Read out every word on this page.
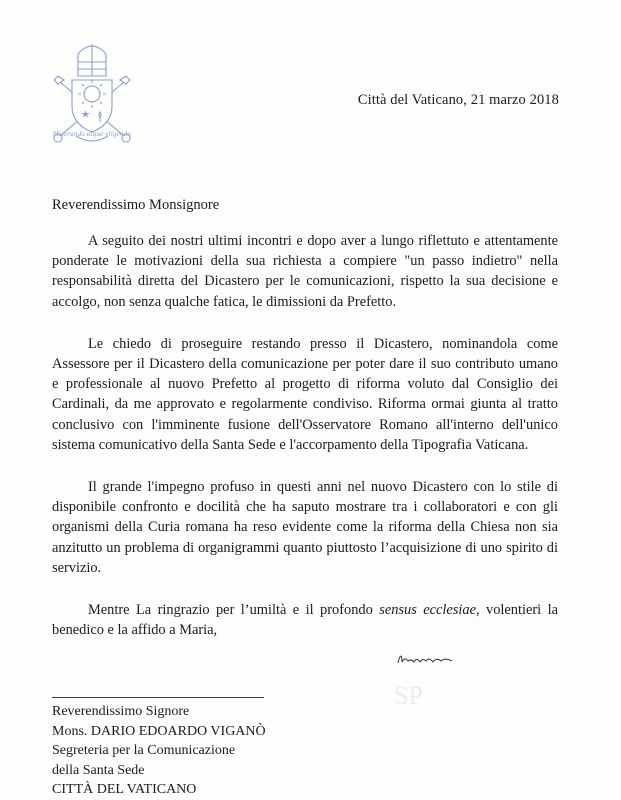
Miserando atque eligendo
Città del Vaticano, 21 marzo 2018
Reverendissimo Monsignore

A seguito dei nostri ultimi incontri e dopo aver a lungo riflettuto e attentamente ponderate le motivazioni della sua richiesta a compiere "un passo indietro" nella responsabilità diretta del Dicastero per le comunicazioni, rispetto la sua decisione e accolgo, non senza qualche fatica, le dimissioni da Prefetto.

Le chiedo di proseguire restando presso il Dicastero, nominandola come Assessore per il Dicastero della comunicazione per poter dare il suo contributo umano e professionale al nuovo Prefetto al progetto di riforma voluto dal Consiglio dei Cardinali, da me approvato e regolarmente condiviso. Riforma ormai giunta al tratto conclusivo con l'imminente fusione dell'Osservatore Romano all'interno dell'unico sistema comunicativo della Santa Sede e l'accorpamento della Tipografia Vaticana.

Il grande l'impegno profuso in questi anni nel nuovo Dicastero con lo stile di disponibile confronto e docilità che ha saputo mostrare tra i collaboratori e con gli organismi della Curia romana ha reso evidente come la riforma della Chiesa non sia anzitutto un problema di organigrammi quanto piuttosto l’acquisizione di uno spirito di servizio.

Mentre La ringrazio per l’umiltà e il profondo sensus ecclesiae, volentieri la benedico e la affido a Maria,

SP
Reverendissimo Signore
Mons. DARIO EDOARDO VIGANÒ
Segreteria per la Comunicazione
della Santa Sede
CITTÀ DEL VATICANO
